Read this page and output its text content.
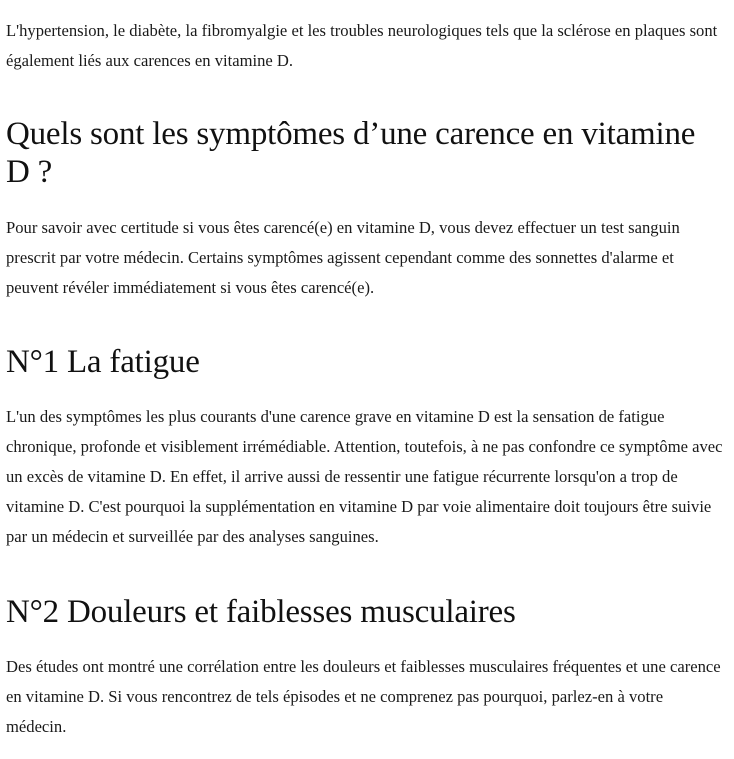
L'hypertension, le diabète, la fibromyalgie et les troubles neurologiques tels que la sclérose en plaques sont également liés aux carences en vitamine D.

Quels sont les symptômes d’une carence en vitamine D ?

Pour savoir avec certitude si vous êtes carencé(e) en vitamine D, vous devez effectuer un test sanguin prescrit par votre médecin. Certains symptômes agissent cependant comme des sonnettes d'alarme et peuvent révéler immédiatement si vous êtes carencé(e).

N°1 La fatigue

L'un des symptômes les plus courants d'une carence grave en vitamine D est la sensation de fatigue chronique, profonde et visiblement irrémédiable. Attention, toutefois, à ne pas confondre ce symptôme avec un excès de vitamine D. En effet, il arrive aussi de ressentir une fatigue récurrente lorsqu'on a trop de vitamine D. C'est pourquoi la supplémentation en vitamine D par voie alimentaire doit toujours être suivie par un médecin et surveillée par des analyses sanguines.

N°2 Douleurs et faiblesses musculaires

Des études ont montré une corrélation entre les douleurs et faiblesses musculaires fréquentes et une carence en vitamine D. Si vous rencontrez de tels épisodes et ne comprenez pas pourquoi, parlez-en à votre médecin.
